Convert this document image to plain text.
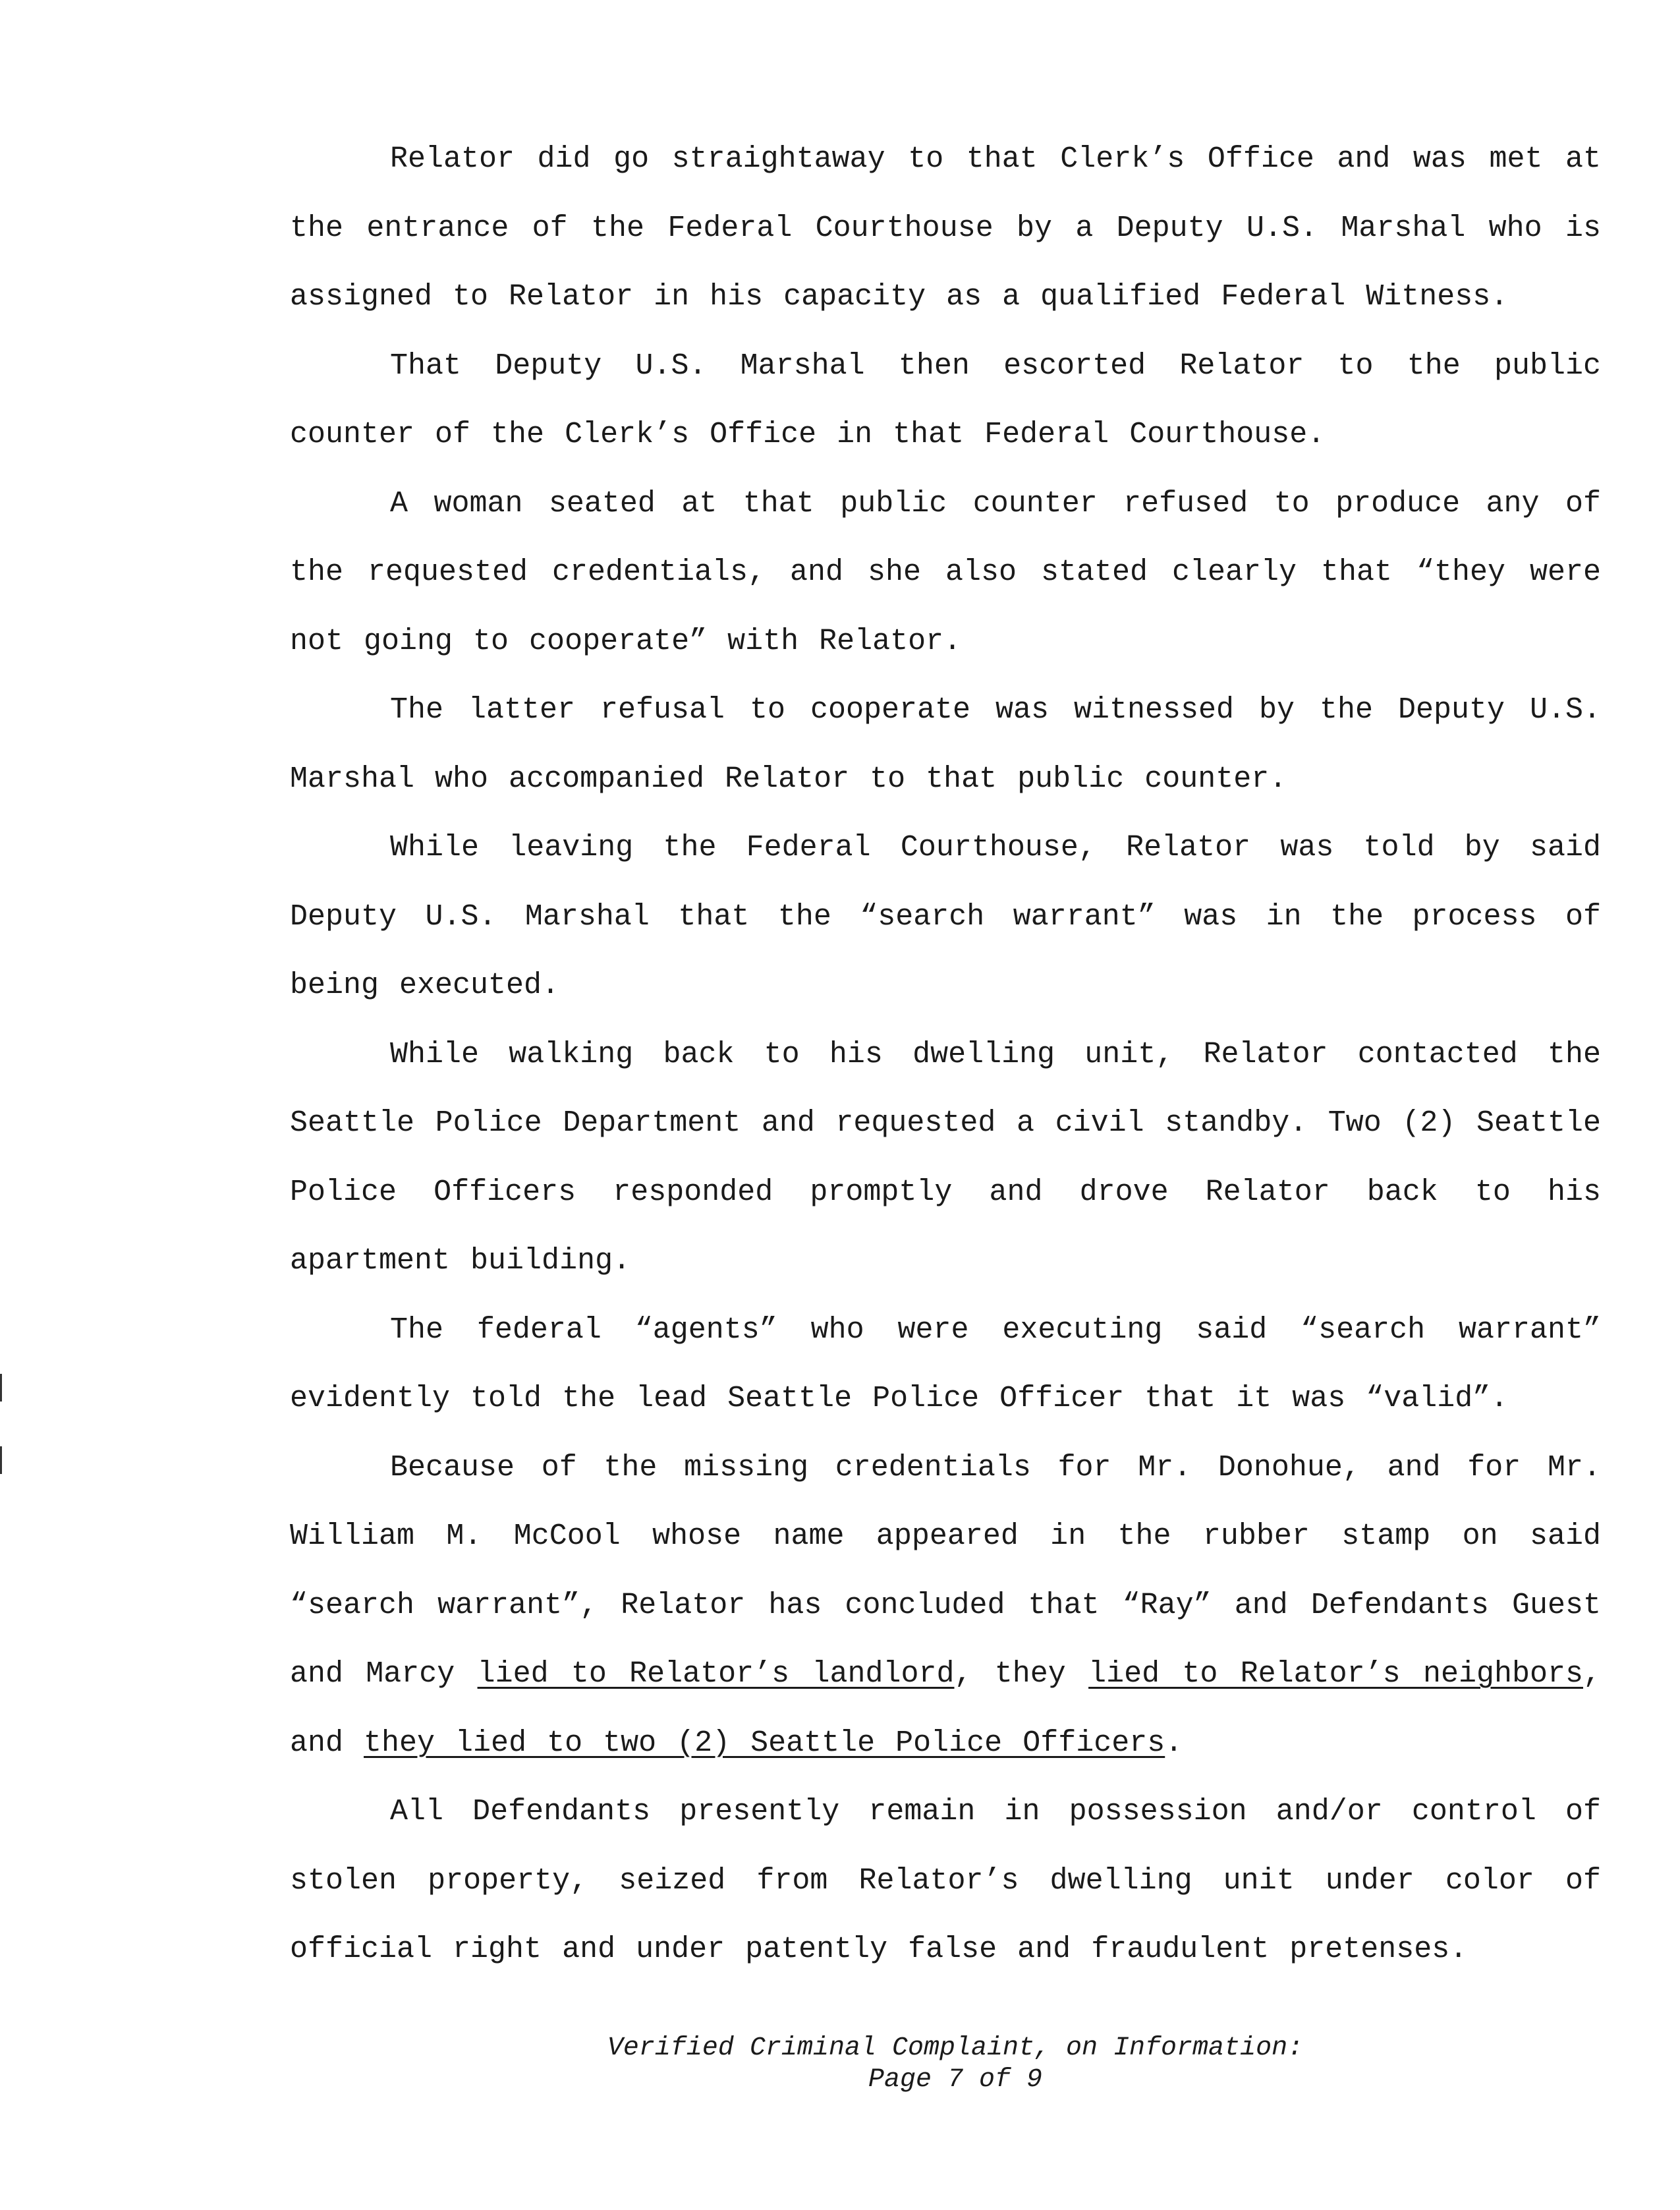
Relator did go straightaway to that Clerk’s Office and was met at the entrance of the Federal Courthouse by a Deputy U.S. Marshal who is assigned to Relator in his capacity as a qualified Federal Witness.

That Deputy U.S. Marshal then escorted Relator to the public counter of the Clerk’s Office in that Federal Courthouse.

A woman seated at that public counter refused to produce any of the requested credentials, and she also stated clearly that “they were not going to cooperate” with Relator.

The latter refusal to cooperate was witnessed by the Deputy U.S. Marshal who accompanied Relator to that public counter.

While leaving the Federal Courthouse, Relator was told by said Deputy U.S. Marshal that the “search warrant” was in the process of being executed.

While walking back to his dwelling unit, Relator contacted the Seattle Police Department and requested a civil standby. Two (2) Seattle Police Officers responded promptly and drove Relator back to his apartment building.

The federal “agents” who were executing said “search warrant” evidently told the lead Seattle Police Officer that it was “valid”.

Because of the missing credentials for Mr. Donohue, and for Mr. William M. McCool whose name appeared in the rubber stamp on said “search warrant”, Relator has concluded that “Ray” and Defendants Guest and Marcy lied to Relator’s landlord, they lied to Relator’s neighbors, and they lied to two (2) Seattle Police Officers.

All Defendants presently remain in possession and/or control of stolen property, seized from Relator’s dwelling unit under color of official right and under patently false and fraudulent pretenses.

Verified Criminal Complaint, on Information:
Page 7 of 9
